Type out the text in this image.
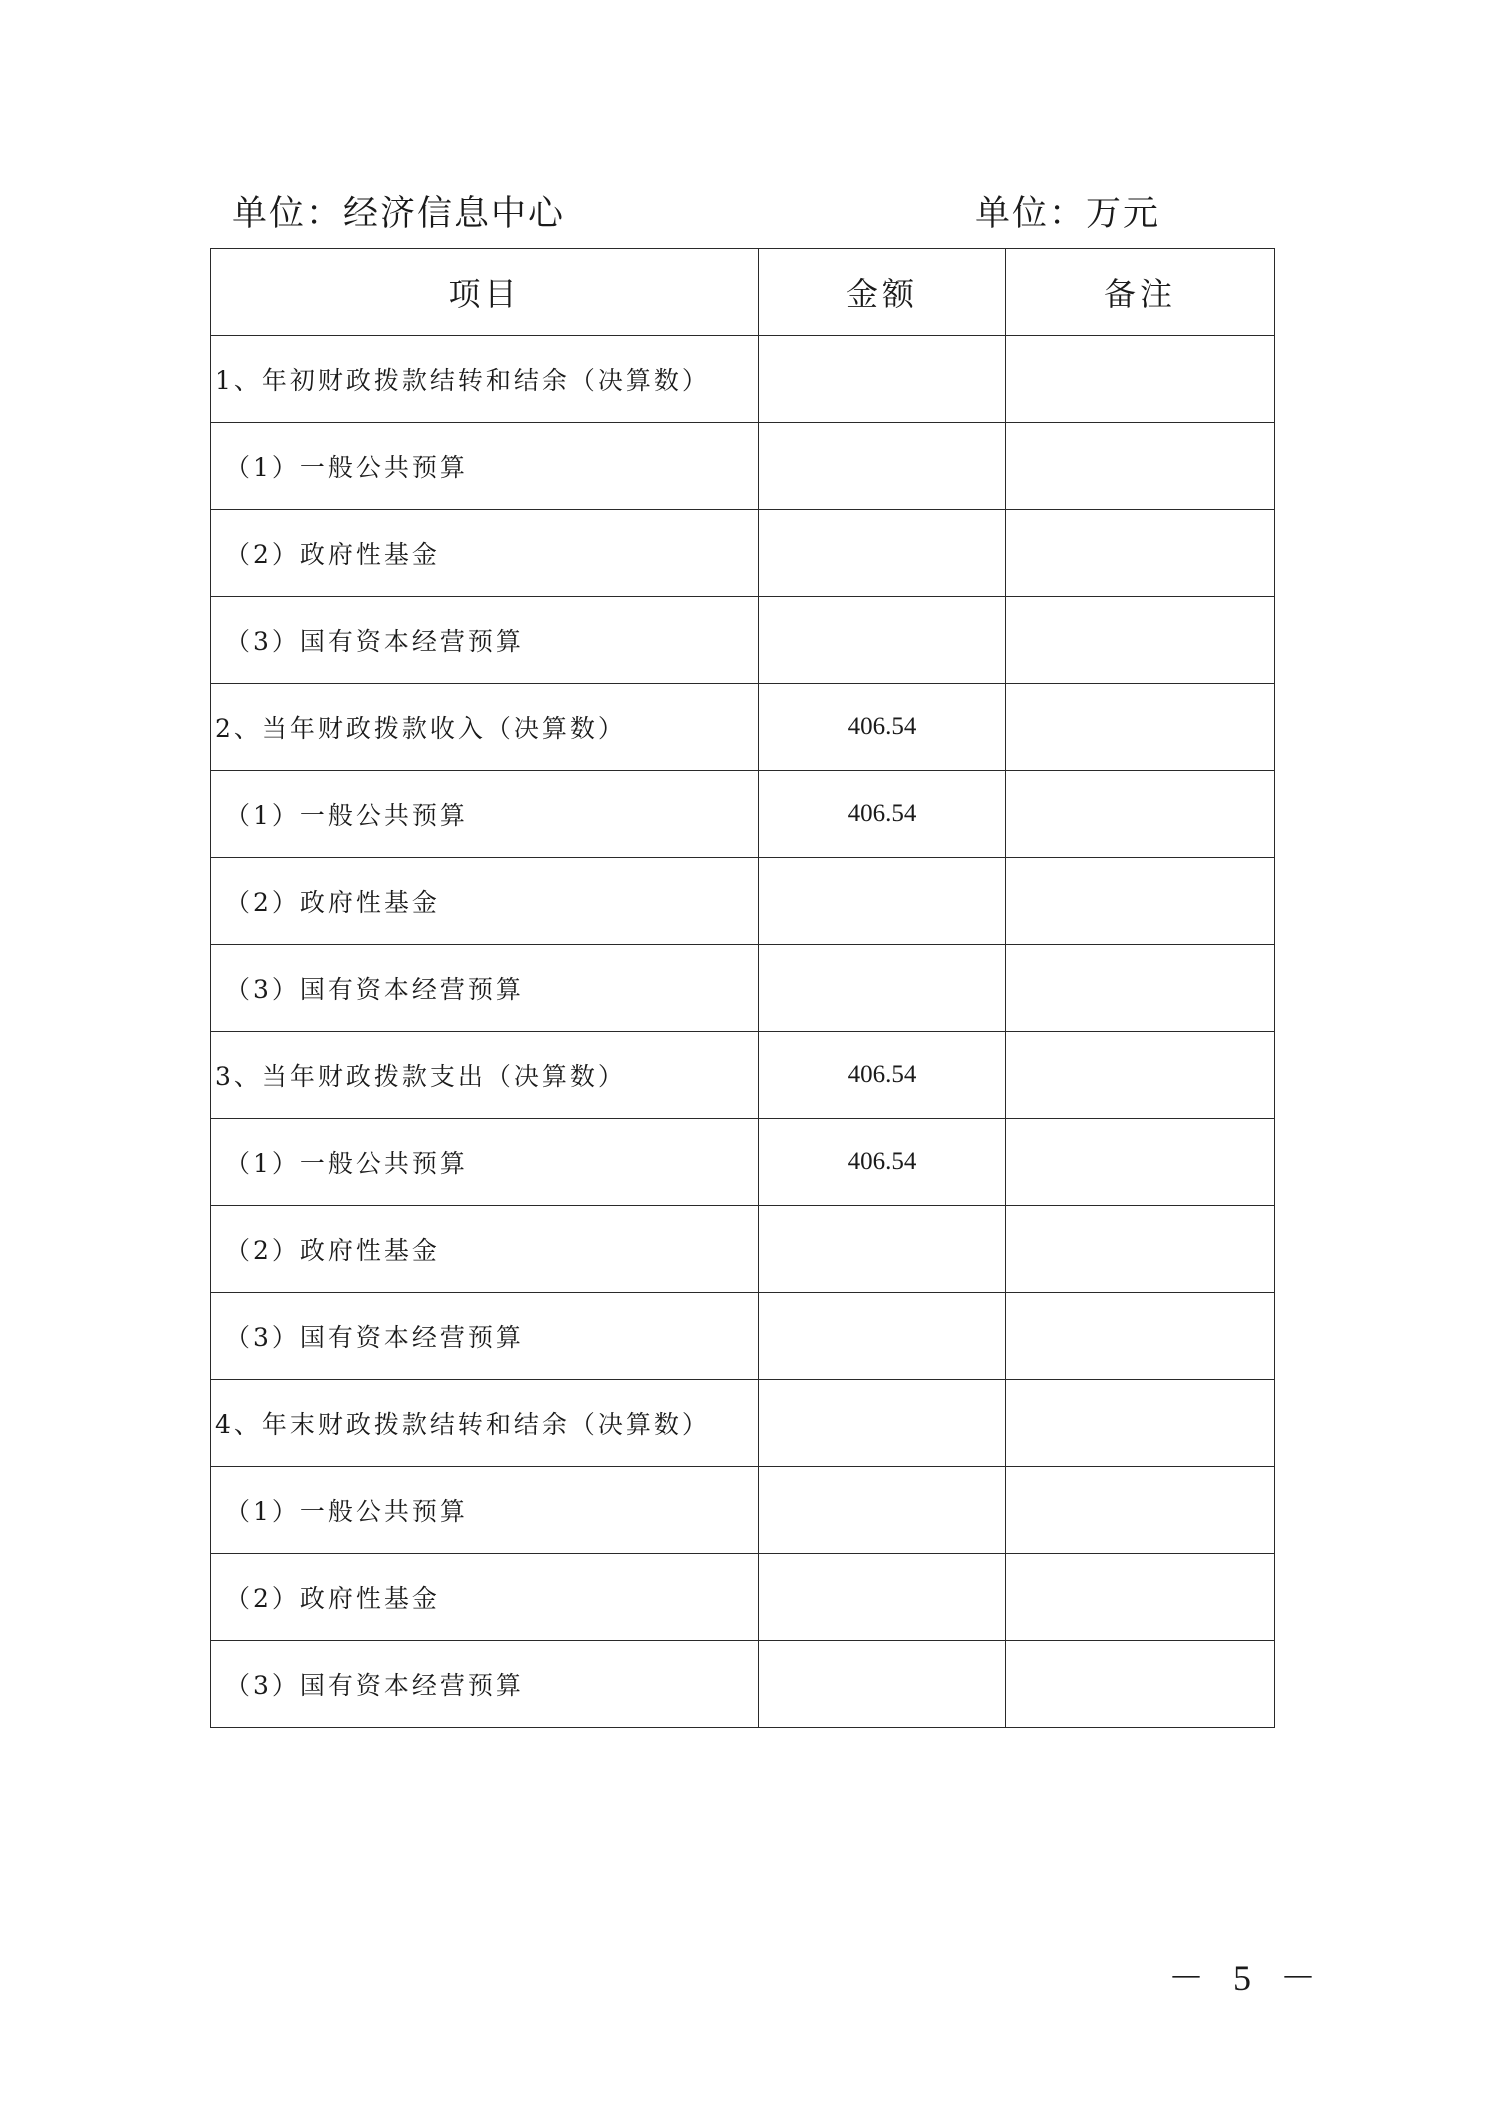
单位：经济信息中心	单位：万元
项目	金额	备注
1、年初财政拨款结转和结余（决算数）		
（1）一般公共预算		
（2）政府性基金		
（3）国有资本经营预算		
2、当年财政拨款收入（决算数）	406.54	
（1）一般公共预算	406.54	
（2）政府性基金		
（3）国有资本经营预算		
3、当年财政拨款支出（决算数）	406.54	
（1）一般公共预算	406.54	
（2）政府性基金		
（3）国有资本经营预算		
4、年末财政拨款结转和结余（决算数）		
（1）一般公共预算		
（2）政府性基金		
（3）国有资本经营预算		
－ 5 －
